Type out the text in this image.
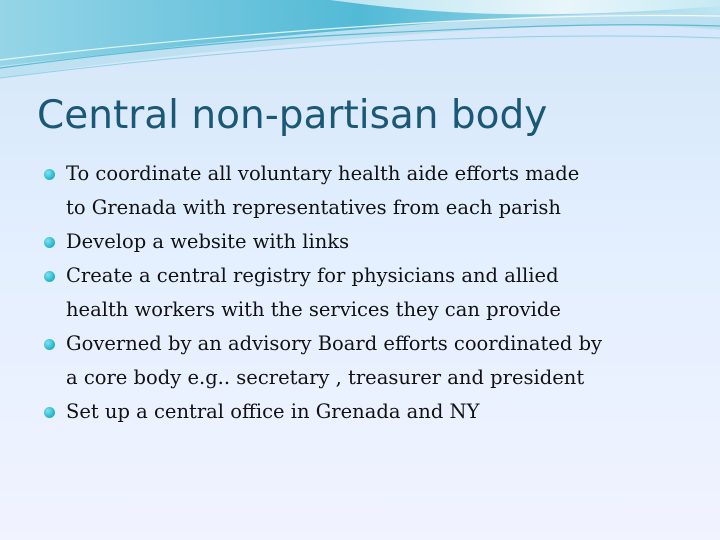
Central non-partisan body
To coordinate all voluntary health aide efforts made
to Grenada with representatives from each parish
Develop a website with links
Create a central registry for physicians and allied
health workers with the services they can provide
Governed by an advisory Board efforts coordinated by
a core body e.g.. secretary , treasurer and president
Set up a central office in Grenada and NY
